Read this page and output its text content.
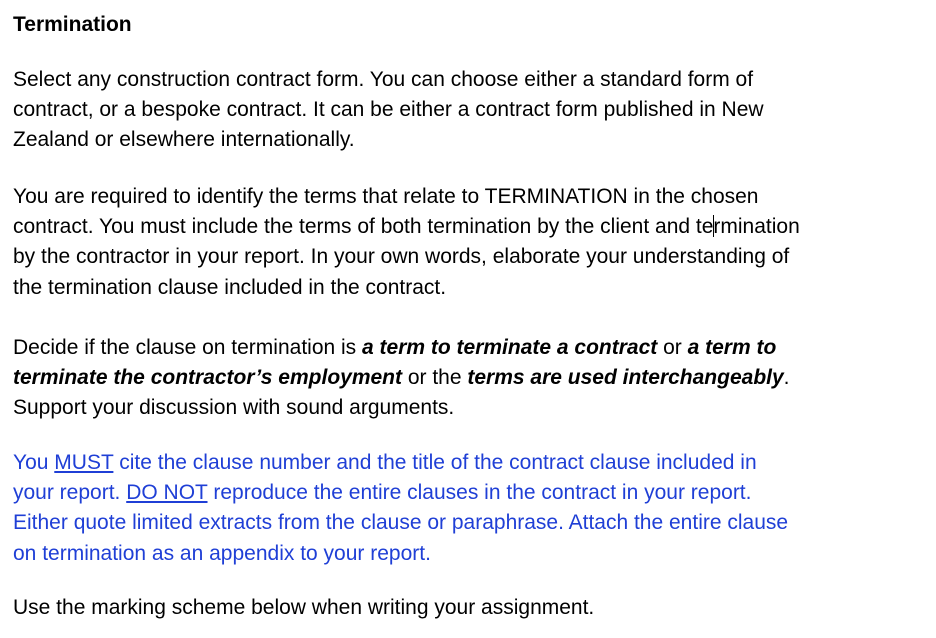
Termination
Select any construction contract form. You can choose either a standard form of
contract, or a bespoke contract. It can be either a contract form published in New
Zealand or elsewhere internationally.
You are required to identify the terms that relate to TERMINATION in the chosen
contract. You must include the terms of both termination by the client and termination
by the contractor in your report. In your own words, elaborate your understanding of
the termination clause included in the contract.
Decide if the clause on termination is a term to terminate a contract or a term to
terminate the contractor’s employment or the terms are used interchangeably.
Support your discussion with sound arguments.
You MUST cite the clause number and the title of the contract clause included in
your report. DO NOT reproduce the entire clauses in the contract in your report.
Either quote limited extracts from the clause or paraphrase. Attach the entire clause
on termination as an appendix to your report.
Use the marking scheme below when writing your assignment.
